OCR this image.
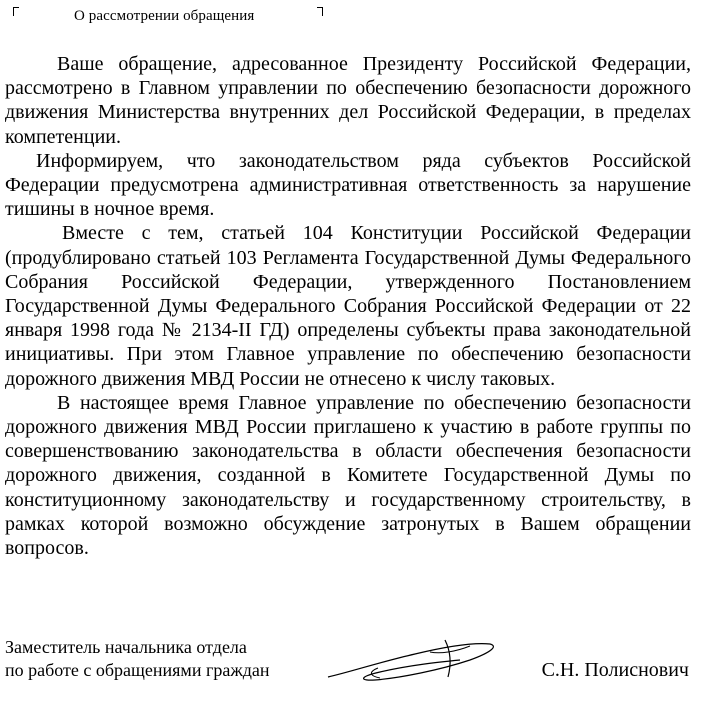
О рассмотрении обращения

Ваше обращение, адресованное Президенту Российской Федерации, рассмотрено в Главном управлении по обеспечению безопасности дорожного движения Министерства внутренних дел Российской Федерации, в пределах компетенции.

Информируем, что законодательством ряда субъектов Российской Федерации предусмотрена административная ответственность за нарушение тишины в ночное время.

Вместе с тем, статьей 104 Конституции Российской Федерации (продублировано статьей 103 Регламента Государственной Думы Федерального Собрания Российской Федерации, утвержденного Постановлением Государственной Думы Федерального Собрания Российской Федерации от 22 января 1998 года № 2134-II ГД) определены субъекты права законодательной инициативы. При этом Главное управление по обеспечению безопасности дорожного движения МВД России не отнесено к числу таковых.

В настоящее время Главное управление по обеспечению безопасности дорожного движения МВД России приглашено к участию в работе группы по совершенствованию законодательства в области обеспечения безопасности дорожного движения, созданной в Комитете Государственной Думы по конституционному законодательству и государственному строительству, в рамках которой возможно обсуждение затронутых в Вашем обращении вопросов.

Заместитель начальника отдела
по работе с обращениями граждан	С.Н. Полиснович
